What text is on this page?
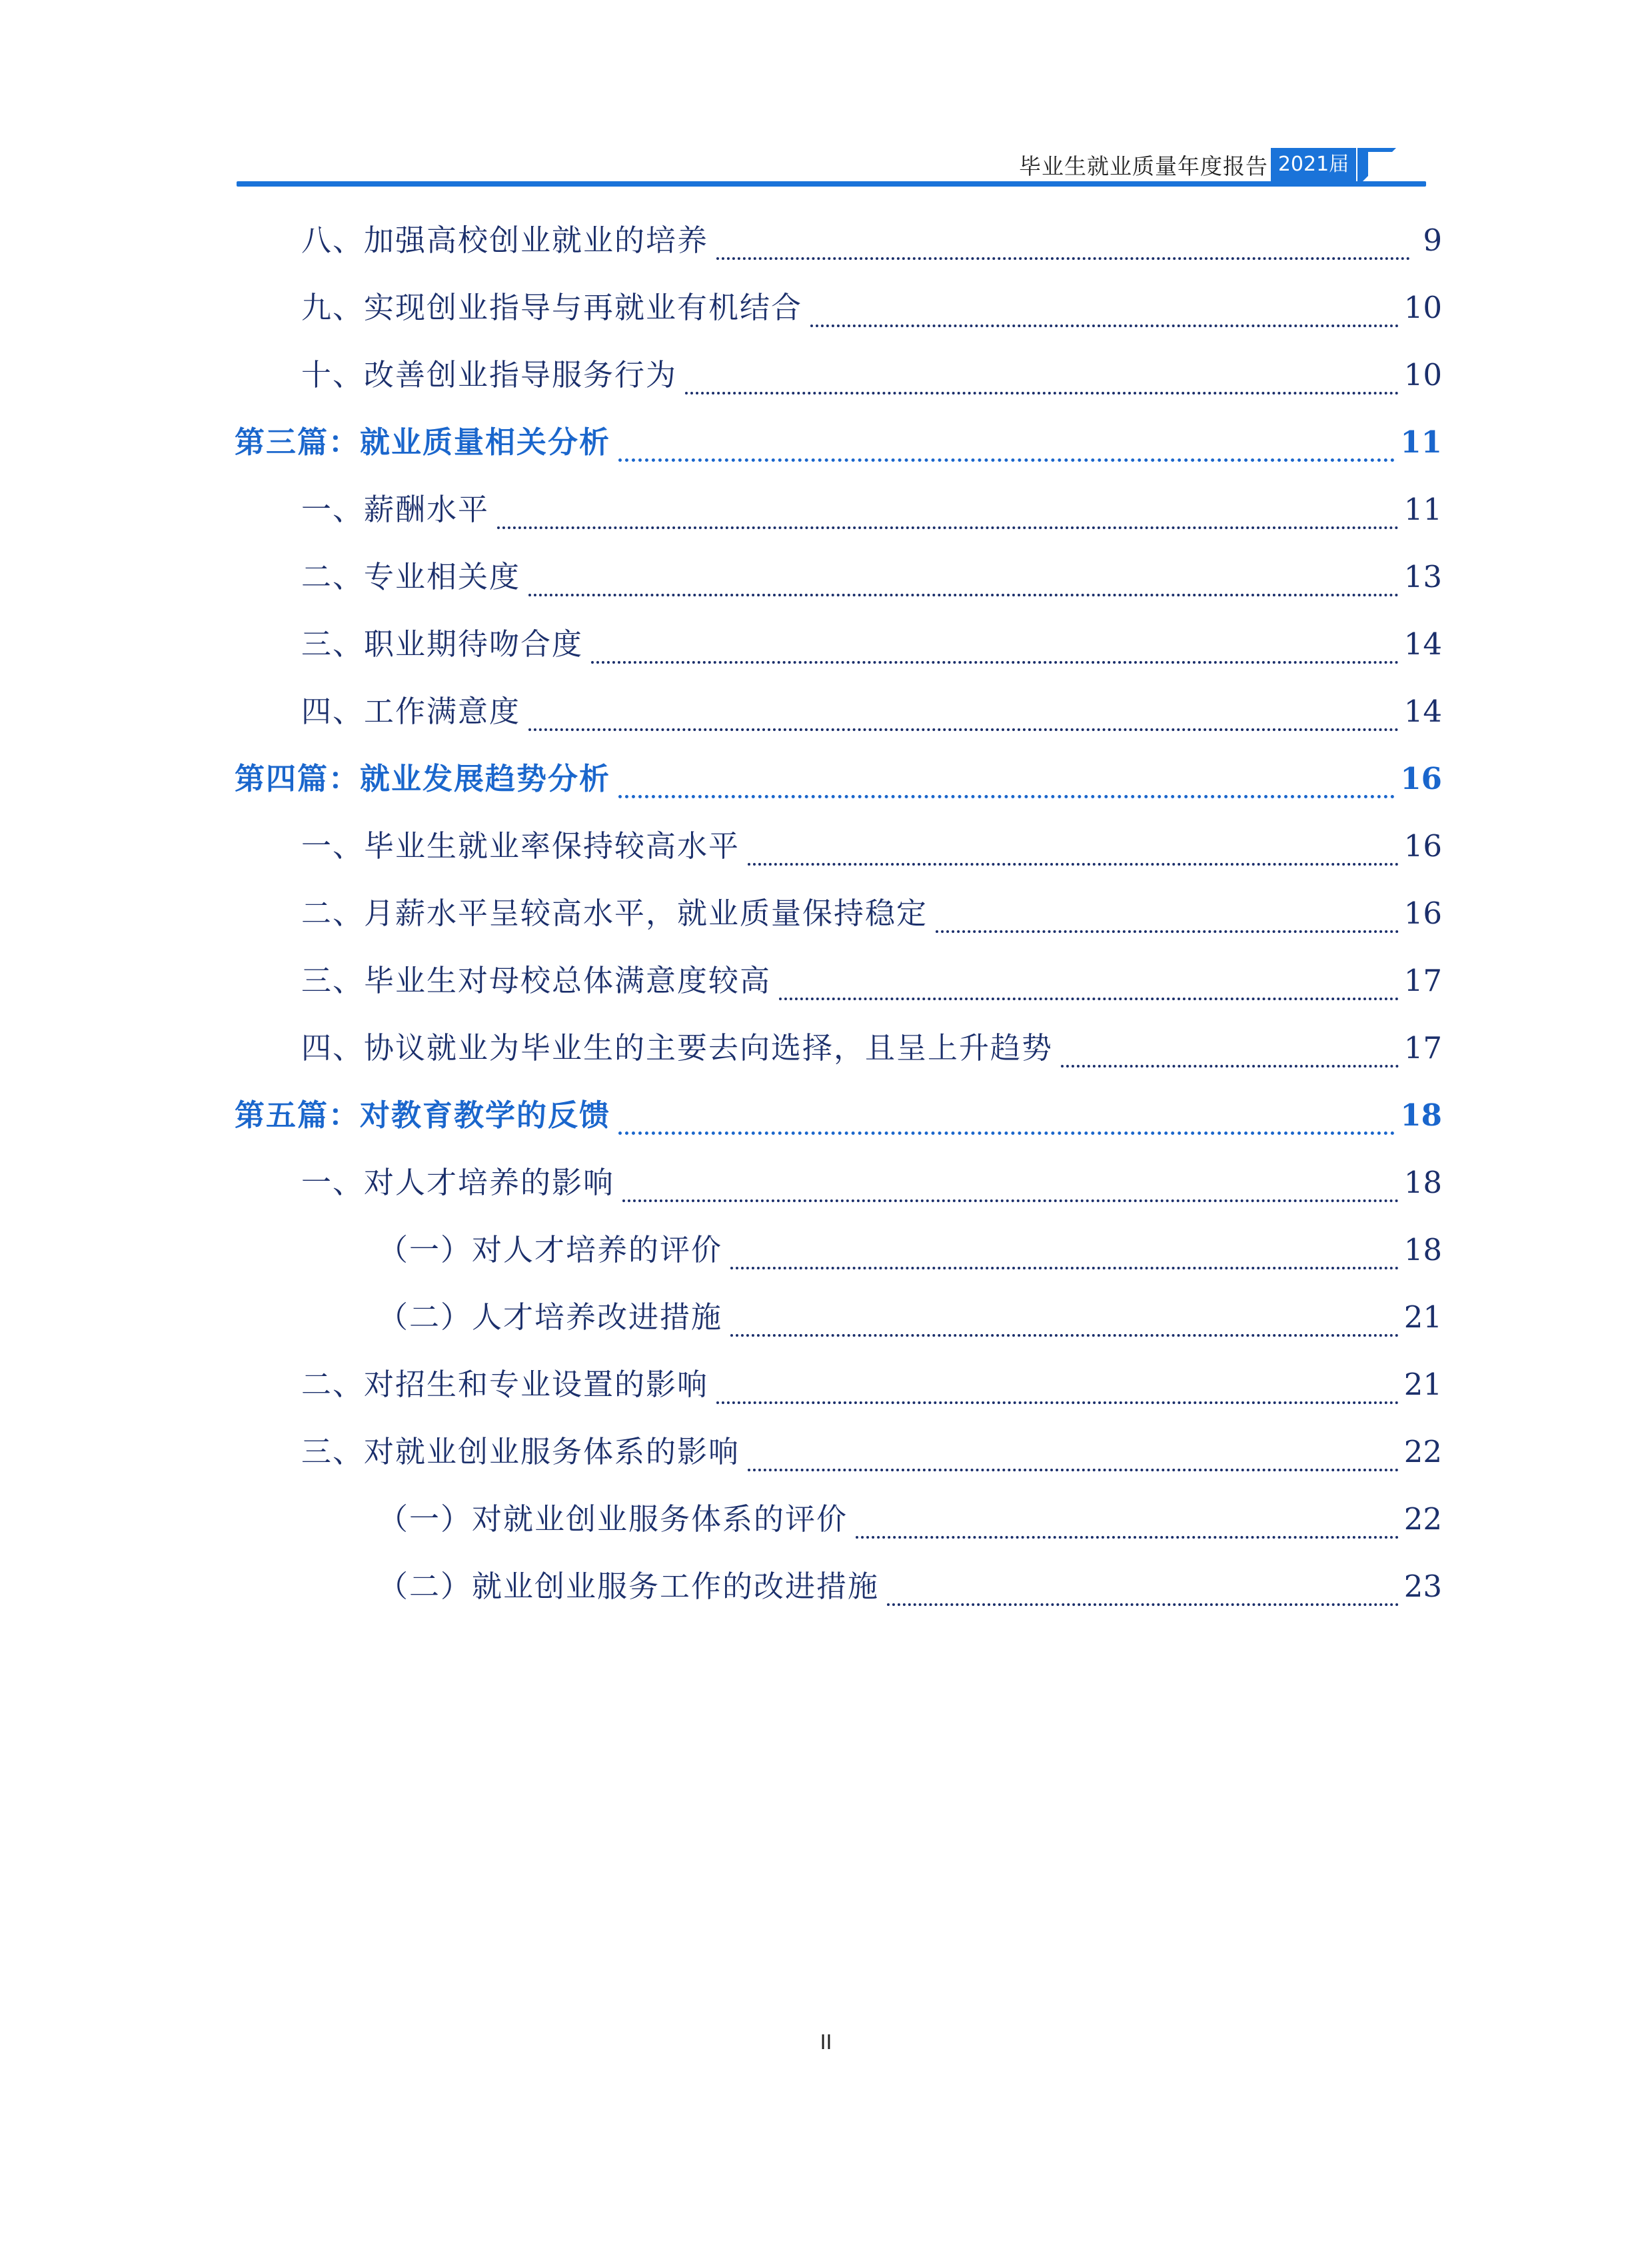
毕业生就业质量年度报告 2021届
八、加强高校创业就业的培养	9
九、实现创业指导与再就业有机结合	10
十、改善创业指导服务行为	10
第三篇：就业质量相关分析	11
一、薪酬水平	11
二、专业相关度	13
三、职业期待吻合度	14
四、工作满意度	14
第四篇：就业发展趋势分析	16
一、毕业生就业率保持较高水平	16
二、月薪水平呈较高水平，就业质量保持稳定	16
三、毕业生对母校总体满意度较高	17
四、协议就业为毕业生的主要去向选择，且呈上升趋势	17
第五篇：对教育教学的反馈	18
一、对人才培养的影响	18
（一）对人才培养的评价	18
（二）人才培养改进措施	21
二、对招生和专业设置的影响	21
三、对就业创业服务体系的影响	22
（一）对就业创业服务体系的评价	22
（二）就业创业服务工作的改进措施	23
II
